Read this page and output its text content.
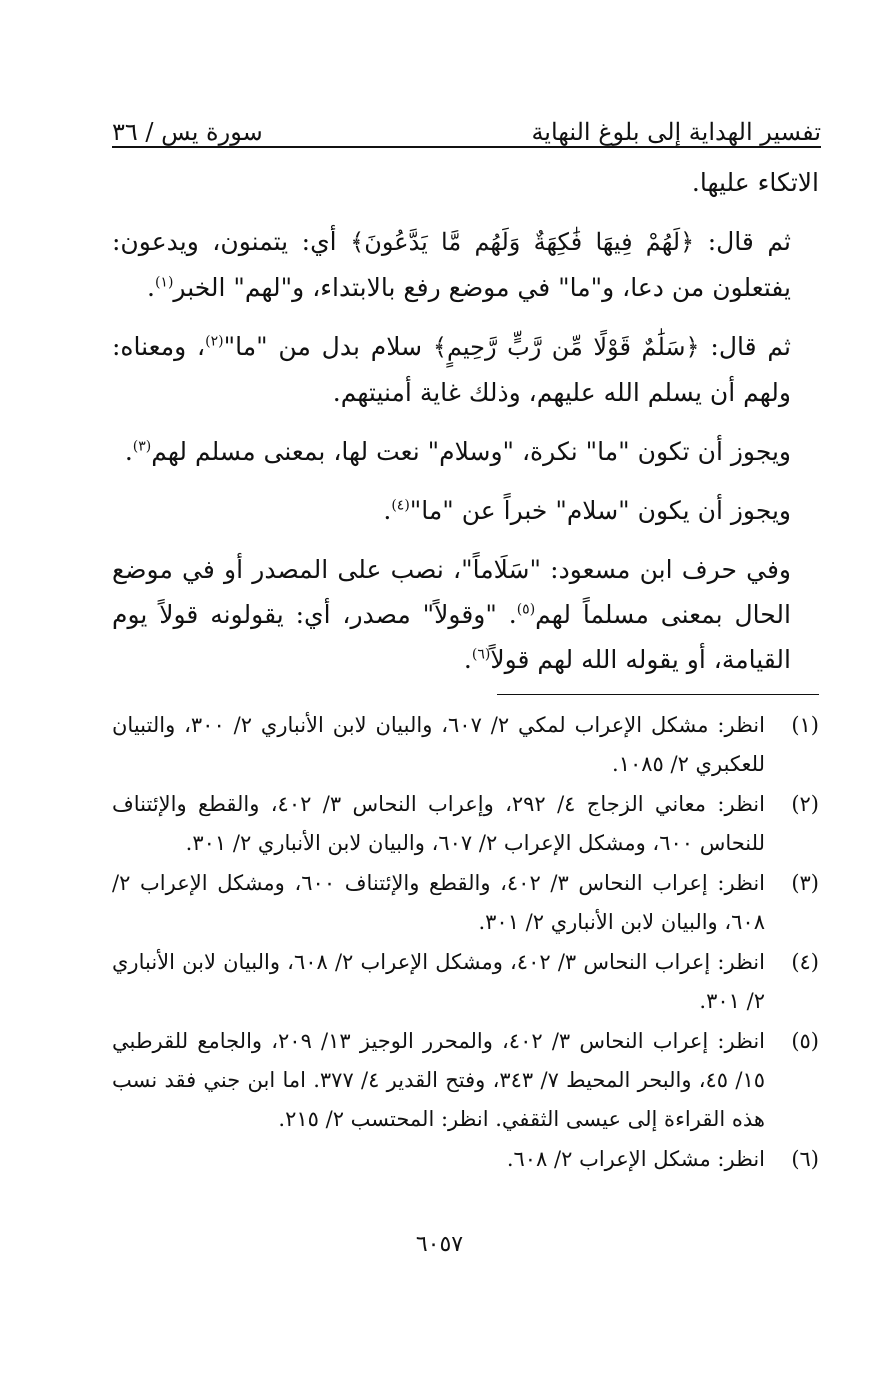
سورة يس / ٣٦	تفسير الهداية إلى بلوغ النهاية

الاتكاء عليها.

ثم قال: ﴿لَهُمْ فِيهَا فَٰكِهَةٌ وَلَهُم مَّا يَدَّعُونَ﴾ أي: يتمنون، ويدعون: يفتعلون من دعا، و"ما" في موضع رفع بالابتداء، و"لهم" الخبر$^{(١)}$.

ثم قال: ﴿سَلَٰمٌ قَوْلًا مِّن رَّبٍّ رَّحِيمٍ﴾ سلام بدل من "ما"$^{(٢)}$، ومعناه: ولهم أن يسلم الله عليهم، وذلك غاية أمنيتهم.

ويجوز أن تكون "ما" نكرة، "وسلام" نعت لها، بمعنى مسلم لهم$^{(٣)}$.

ويجوز أن يكون "سلام" خبراً عن "ما"$^{(٤)}$.

وفي حرف ابن مسعود: "سَلَاماً"، نصب على المصدر أو في موضع الحال بمعنى مسلماً لهم$^{(٥)}$. "وقولاً" مصدر، أي: يقولونه قولاً يوم القيامة، أو يقوله الله لهم قولاً$^{(٦)}$.

(١)
انظر: مشكل الإعراب لمكي ٢/ ٦٠٧، والبيان لابن الأنباري ٢/ ٣٠٠، والتبيان للعكبري ٢/ ١٠٨٥.
(٢)
انظر: معاني الزجاج ٤/ ٢٩٢، وإعراب النحاس ٣/ ٤٠٢، والقطع والإئتناف للنحاس ٦٠٠، ومشكل الإعراب ٢/ ٦٠٧، والبيان لابن الأنباري ٢/ ٣٠١.
(٣)
انظر: إعراب النحاس ٣/ ٤٠٢، والقطع والإئتناف ٦٠٠، ومشكل الإعراب ٢/ ٦٠٨، والبيان لابن الأنباري ٢/ ٣٠١.
(٤)
انظر: إعراب النحاس ٣/ ٤٠٢، ومشكل الإعراب ٢/ ٦٠٨، والبيان لابن الأنباري ٢/ ٣٠١.
(٥)
انظر: إعراب النحاس ٣/ ٤٠٢، والمحرر الوجيز ١٣/ ٢٠٩، والجامع للقرطبي ١٥/ ٤٥، والبحر المحيط ٧/ ٣٤٣، وفتح القدير ٤/ ٣٧٧. اما ابن جني فقد نسب هذه القراءة إلى عيسى الثقفي. انظر: المحتسب ٢/ ٢١٥.
(٦)
انظر: مشكل الإعراب ٢/ ٦٠٨.
٦٠٥٧
